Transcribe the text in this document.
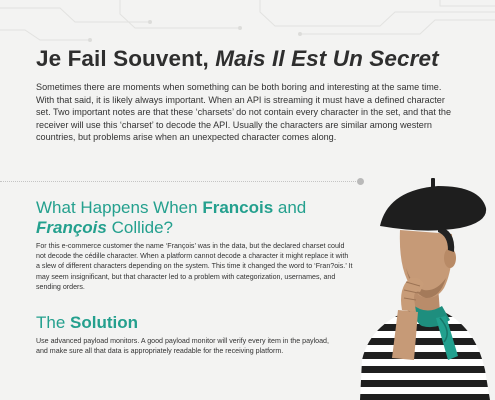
Je Fail Souvent, Mais Il Est Un Secret

Sometimes there are moments when something can be both boring and interesting at the same time. With that said, it is likely always important. When an API is streaming it must have a defined character set. Two important notes are that these ‘charsets’ do not contain every character in the set, and that the receiver will use this ‘charset’ to decode the API. Usually the characters are similar among western countries, but problems arise when an unexpected character comes along.

What Happens When Francois and
François Collide?

For this e-commerce customer the name ‘François’ was in the data, but the declared charset could not decode the cédille character. When a platform cannot decode a character it might replace it with a slew of different characters depending on the system. This time it changed the word to ‘Fran?ois.’ It may seem insignificant, but that character led to a problem with categorization, usernames, and sending orders.

The Solution

Use advanced payload monitors. A good payload monitor will verify every item in the payload, and make sure all that data is appropriately readable for the receiving platform.
